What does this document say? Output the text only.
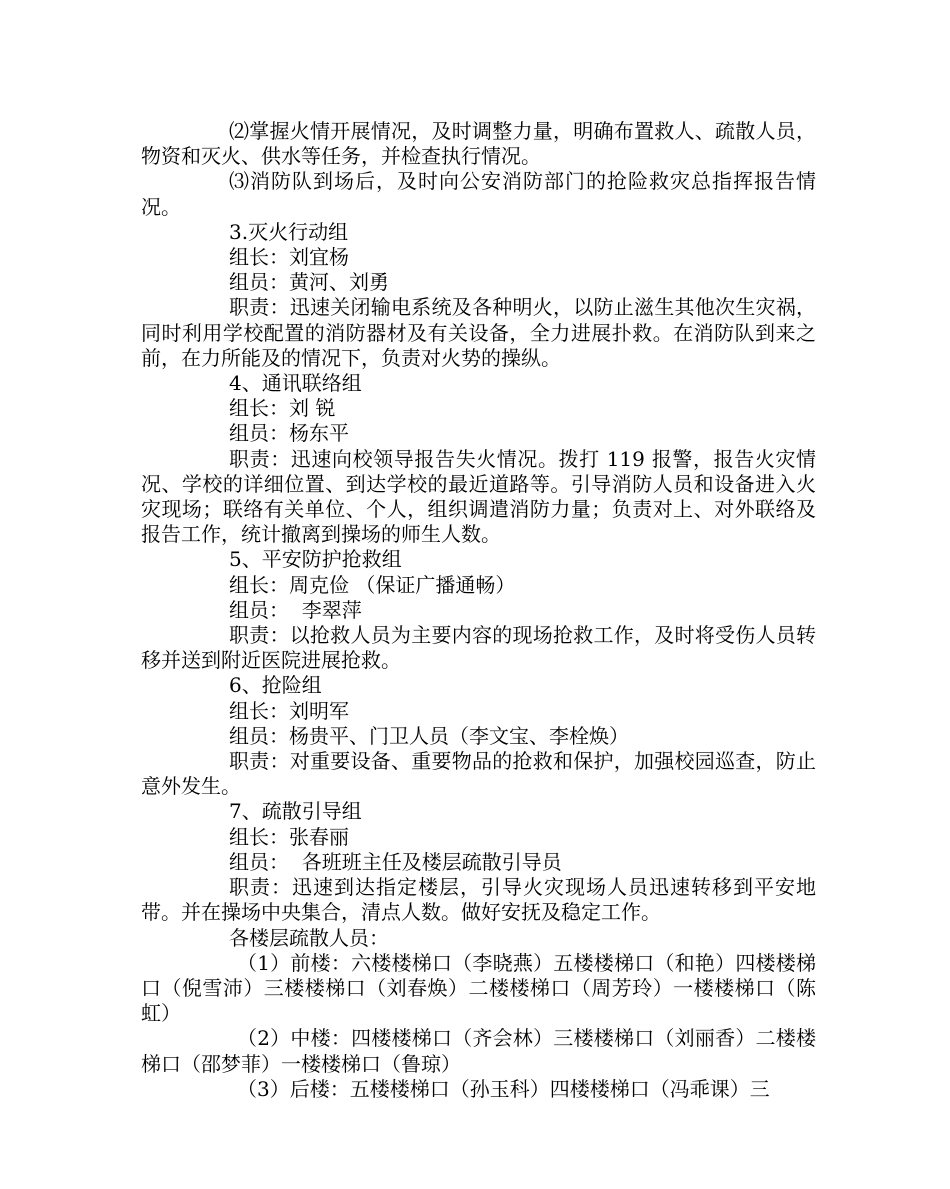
⑵掌握火情开展情况，及时调整力量，明确布置救人、疏散人员，物资和灭火、供水等任务，并检查执行情况。

⑶消防队到场后，及时向公安消防部门的抢险救灾总指挥报告情况。

3.灭火行动组

组长：刘宜杨

组员：黄河、刘勇

职责：迅速关闭输电系统及各种明火，以防止滋生其他次生灾祸，同时利用学校配置的消防器材及有关设备，全力进展扑救。在消防队到来之前，在力所能及的情况下，负责对火势的操纵。

4、通讯联络组

组长：刘 锐

组员：杨东平

职责：迅速向校领导报告失火情况。拨打 119 报警，报告火灾情况、学校的详细位置、到达学校的最近道路等。引导消防人员和设备进入火灾现场；联络有关单位、个人，组织调遣消防力量；负责对上、对外联络及报告工作，统计撤离到操场的师生人数。

5、平安防护抢救组

组长：周克俭 （保证广播通畅）

组员：  李翠萍

职责：以抢救人员为主要内容的现场抢救工作，及时将受伤人员转移并送到附近医院进展抢救。

6、抢险组

组长：刘明军

组员：杨贵平、门卫人员（李文宝、李栓焕）

职责：对重要设备、重要物品的抢救和保护，加强校园巡查，防止意外发生。

7、疏散引导组

组长：张春丽

组员：  各班班主任及楼层疏散引导员

职责：迅速到达指定楼层，引导火灾现场人员迅速转移到平安地带。并在操场中央集合，清点人数。做好安抚及稳定工作。

各楼层疏散人员：

（1）前楼：六楼楼梯口（李晓燕）五楼楼梯口（和艳）四楼楼梯口（倪雪沛）三楼楼梯口（刘春焕）二楼楼梯口（周芳玲）一楼楼梯口（陈虹）

（2）中楼：四楼楼梯口（齐会林）三楼楼梯口（刘丽香）二楼楼梯口（邵梦菲）一楼楼梯口（鲁琼）

（3）后楼：五楼楼梯口（孙玉科）四楼楼梯口（冯乖课）三
